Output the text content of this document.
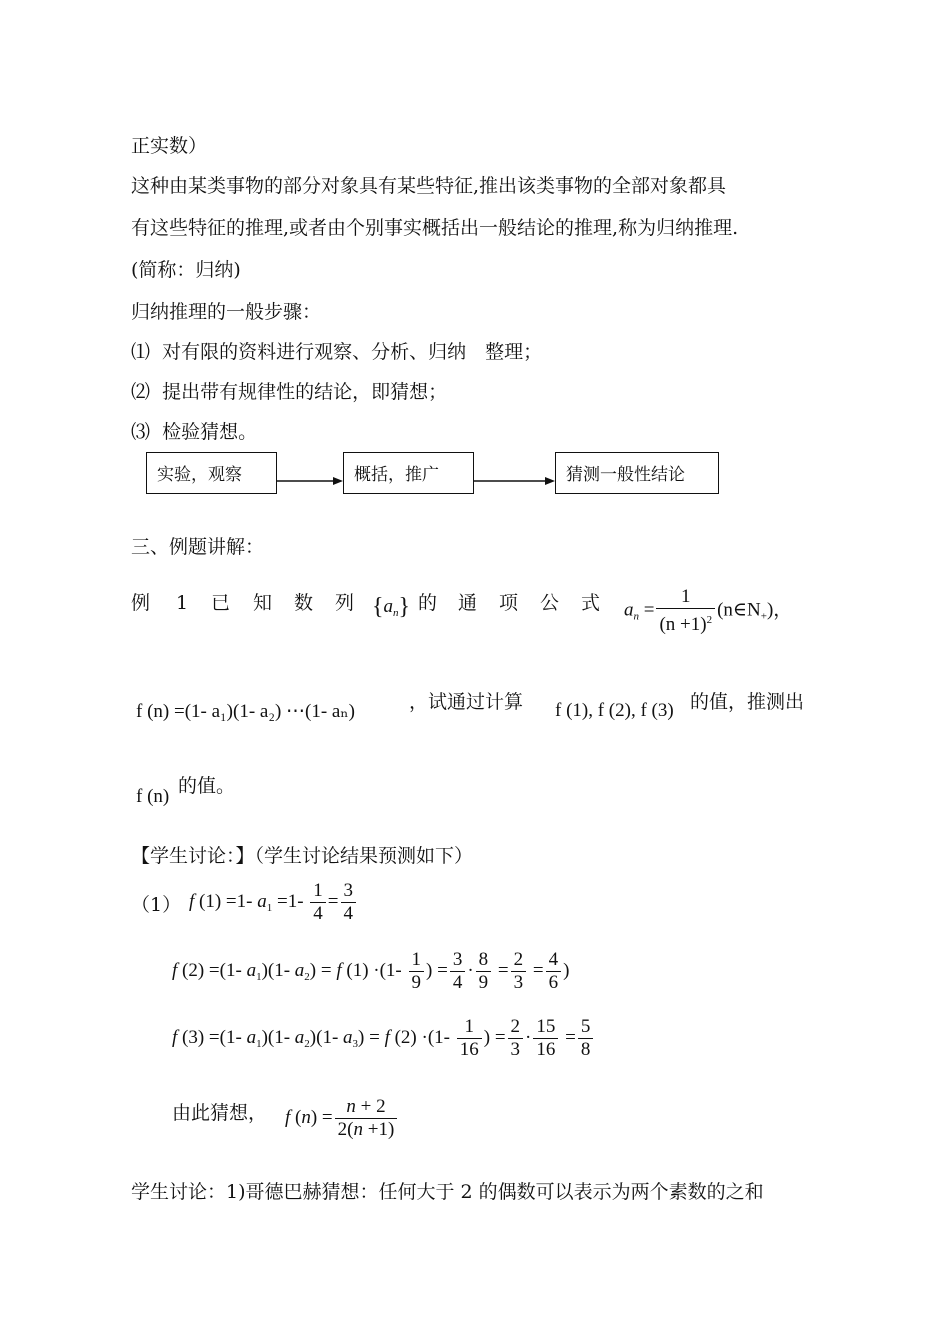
正实数）
这种由某类事物的部分对象具有某些特征,推出该类事物的全部对象都具
有这些特征的推理,或者由个别事实概括出一般结论的推理,称为归纳推理.
(简称：归纳)
归纳推理的一般步骤：
⑴ 对有限的资料进行观察、分析、归纳　整理；
⑵ 提出带有规律性的结论，即猜想；
⑶ 检验猜想。
实验，观察	概括，推广	猜测一般性结论
三、例题讲解：
例 1 已 知 数 列 $\{a_n\}$ 的 通 项 公 式 $a_n = \frac{1}{(n +1)^2}$ $(n\in N_+)$，
f (n) =(1- a₁)(1- a₂) ⋯(1- aₙ)	，试通过计算 f (1), f (2), f (3) 的值，推测出
f (n) 的值。
【学生讨论：】（学生讨论结果预测如下）
（1） f (1) =1- $a_1 =1- \frac{1}{4} = \frac{3}{4}$
f (2) =(1- $a_1)(1-$ $a_2) = f$ $(1) \cdot(1- \frac{1}{9}$ ) = $\frac{3}{4} \cdot \frac{8}{9} = \frac{2}{3} = \frac{4}{6}$ )
f (3) =(1- $a_1)(1-$ $a_2)(1-$ $a_3) = f$ $(2) \cdot(1- \frac{1}{16}$ ) = $\frac{2}{3} \cdot \frac{15}{16} = \frac{5}{8}$
由此猜想， f $(n) = \frac{n + 2}{2(n +1)}$
学生讨论：1)哥德巴赫猜想：任何大于 2 的偶数可以表示为两个素数的之和
